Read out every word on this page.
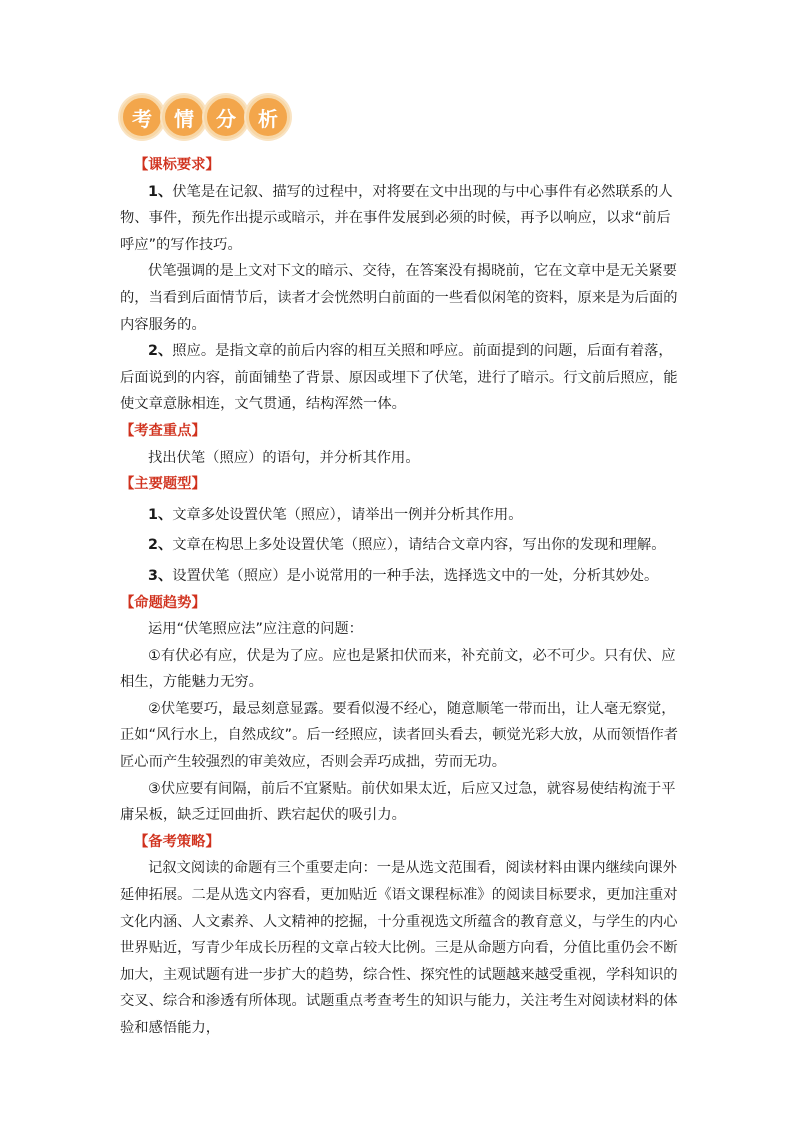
考	情	分	析

【课标要求】

1、伏笔是在记叙、描写的过程中，对将要在文中出现的与中心事件有必然联系的人物、事件，预先作出提示或暗示，并在事件发展到必须的时候，再予以响应，以求“前后呼应”的写作技巧。

伏笔强调的是上文对下文的暗示、交待，在答案没有揭晓前，它在文章中是无关紧要的，当看到后面情节后，读者才会恍然明白前面的一些看似闲笔的资料，原来是为后面的内容服务的。

2、照应。是指文章的前后内容的相互关照和呼应。前面提到的问题，后面有着落，后面说到的内容，前面铺垫了背景、原因或埋下了伏笔，进行了暗示。行文前后照应，能使文章意脉相连，文气贯通，结构浑然一体。

【考查重点】

找出伏笔（照应）的语句，并分析其作用。

【主要题型】

1、文章多处设置伏笔（照应），请举出一例并分析其作用。

2、文章在构思上多处设置伏笔（照应），请结合文章内容，写出你的发现和理解。

3、设置伏笔（照应）是小说常用的一种手法，选择选文中的一处，分析其妙处。

【命题趋势】

运用“伏笔照应法”应注意的问题：

①有伏必有应，伏是为了应。应也是紧扣伏而来，补充前文，必不可少。只有伏、应相生，方能魅力无穷。

②伏笔要巧，最忌刻意显露。要看似漫不经心，随意顺笔一带而出，让人毫无察觉，正如“风行水上，自然成纹”。后一经照应，读者回头看去，顿觉光彩大放，从而领悟作者匠心而产生较强烈的审美效应，否则会弄巧成拙，劳而无功。

③伏应要有间隔，前后不宜紧贴。前伏如果太近，后应又过急，就容易使结构流于平庸呆板，缺乏迂回曲折、跌宕起伏的吸引力。

【备考策略】

记叙文阅读的命题有三个重要走向：一是从选文范围看，阅读材料由课内继续向课外延伸拓展。二是从选文内容看，更加贴近《语文课程标准》的阅读目标要求，更加注重对文化内涵、人文素养、人文精神的挖掘，十分重视选文所蕴含的教育意义，与学生的内心世界贴近，写青少年成长历程的文章占较大比例。三是从命题方向看，分值比重仍会不断加大，主观试题有进一步扩大的趋势，综合性、探究性的试题越来越受重视，学科知识的交叉、综合和渗透有所体现。试题重点考查考生的知识与能力，关注考生对阅读材料的体验和感悟能力，
